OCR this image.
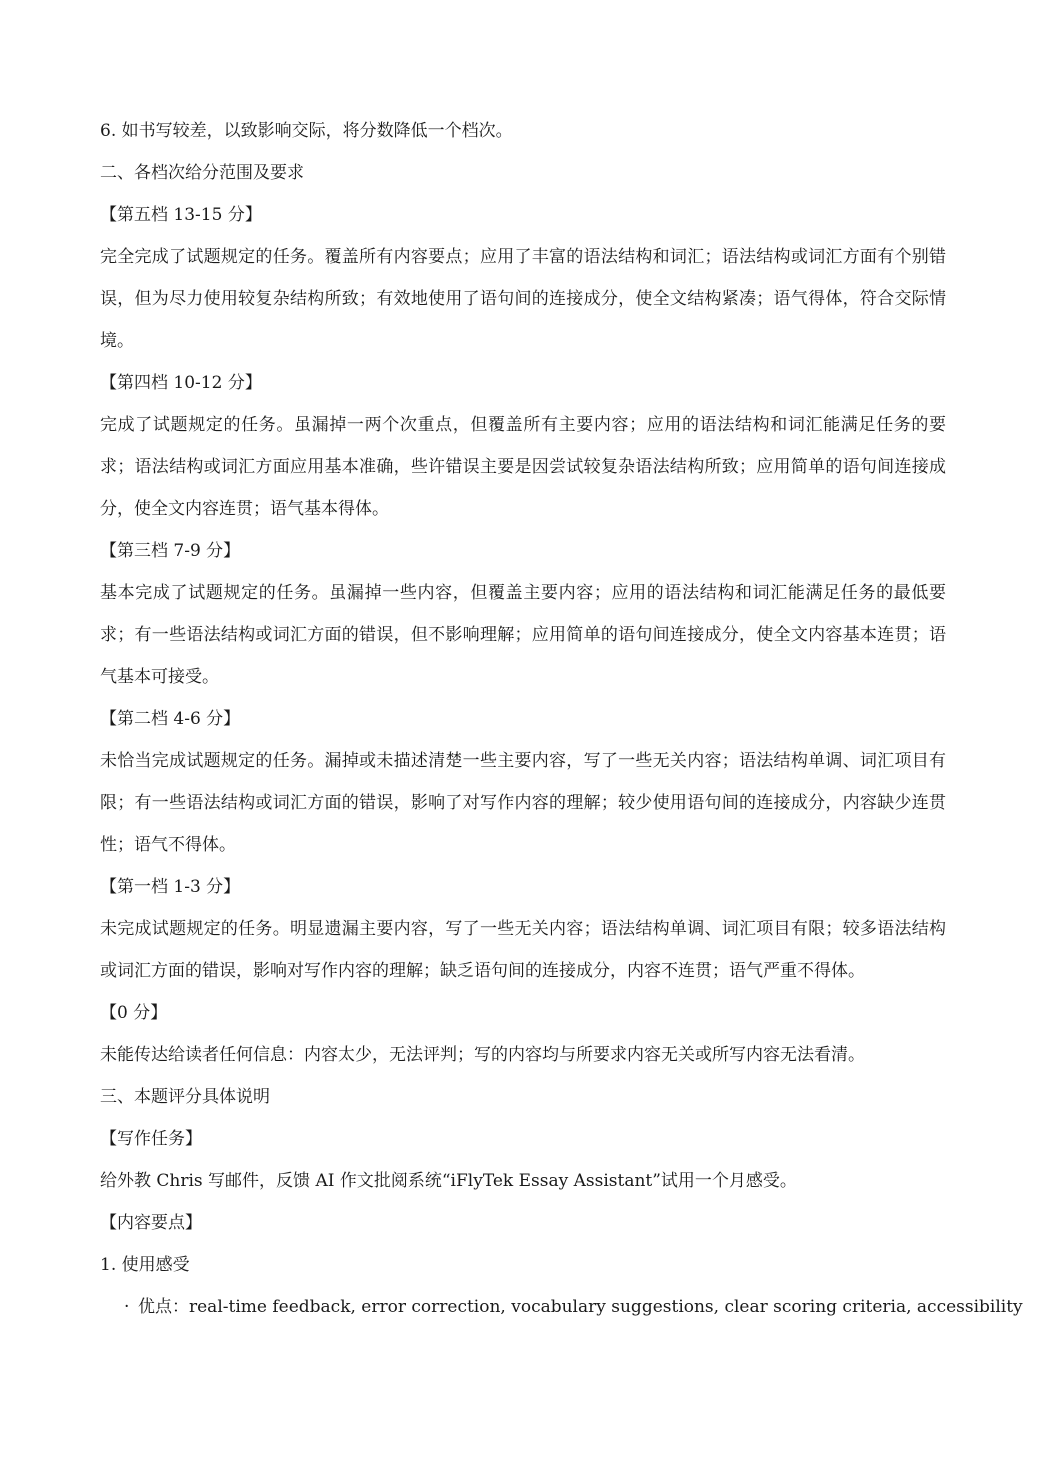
6. 如书写较差，以致影响交际，将分数降低一个档次。
二、各档次给分范围及要求
【第五档 13-15 分】
完全完成了试题规定的任务。覆盖所有内容要点；应用了丰富的语法结构和词汇；语法结构或词汇方面有个别错误，但为尽力使用较复杂结构所致；有效地使用了语句间的连接成分，使全文结构紧凑；语气得体，符合交际情境。
【第四档 10-12 分】
完成了试题规定的任务。虽漏掉一两个次重点，但覆盖所有主要内容；应用的语法结构和词汇能满足任务的要求；语法结构或词汇方面应用基本准确，些许错误主要是因尝试较复杂语法结构所致；应用简单的语句间连接成分，使全文内容连贯；语气基本得体。
【第三档 7-9 分】
基本完成了试题规定的任务。虽漏掉一些内容，但覆盖主要内容；应用的语法结构和词汇能满足任务的最低要求；有一些语法结构或词汇方面的错误，但不影响理解；应用简单的语句间连接成分，使全文内容基本连贯；语气基本可接受。
【第二档 4-6 分】
未恰当完成试题规定的任务。漏掉或未描述清楚一些主要内容，写了一些无关内容；语法结构单调、词汇项目有限；有一些语法结构或词汇方面的错误，影响了对写作内容的理解；较少使用语句间的连接成分，内容缺少连贯性；语气不得体。
【第一档 1-3 分】
未完成试题规定的任务。明显遗漏主要内容，写了一些无关内容；语法结构单调、词汇项目有限；较多语法结构或词汇方面的错误，影响对写作内容的理解；缺乏语句间的连接成分，内容不连贯；语气严重不得体。
【0 分】
未能传达给读者任何信息：内容太少，无法评判；写的内容均与所要求内容无关或所写内容无法看清。
三、本题评分具体说明
【写作任务】
给外教 Chris 写邮件，反馈 AI 作文批阅系统“iFlyTek Essay Assistant”试用一个月感受。
【内容要点】
1. 使用感受
· 优点：real-time feedback, error correction, vocabulary suggestions, clear scoring criteria, accessibility
